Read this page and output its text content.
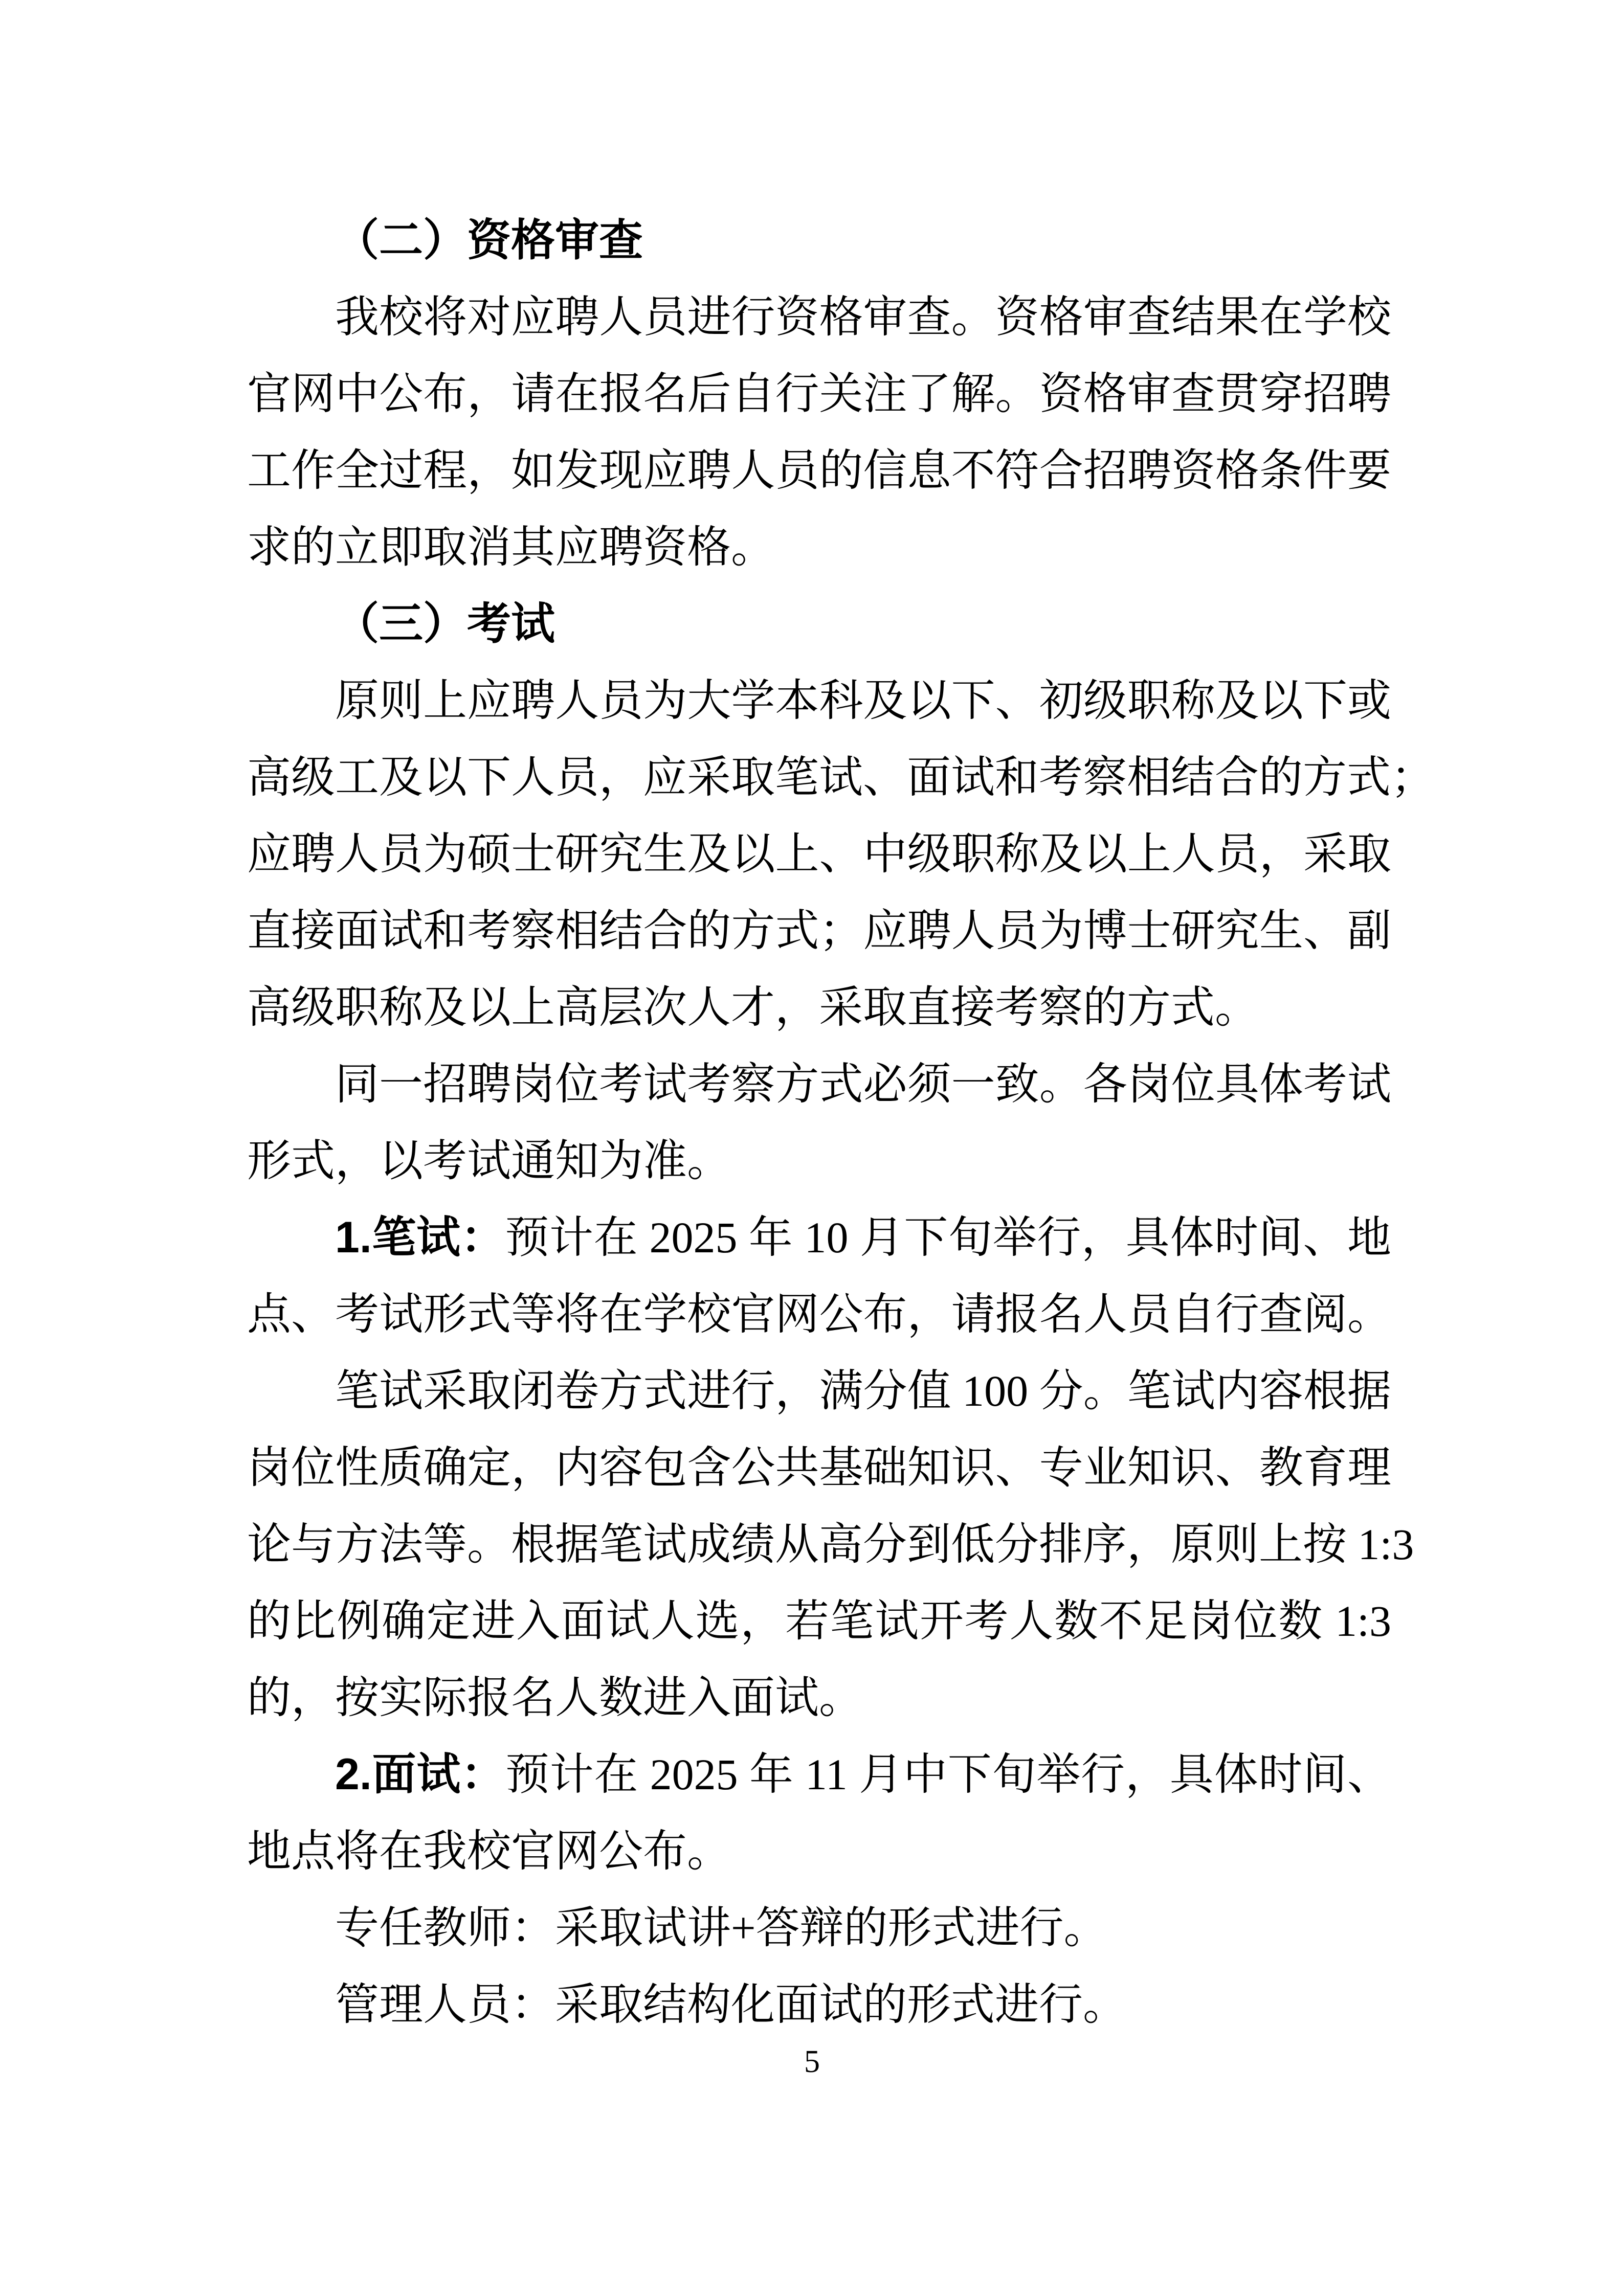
（二）资格审查
我校将对应聘人员进行资格审查。资格审查结果在学校
官网中公布，请在报名后自行关注了解。资格审查贯穿招聘
工作全过程，如发现应聘人员的信息不符合招聘资格条件要
求的立即取消其应聘资格。
（三）考试
原则上应聘人员为大学本科及以下、初级职称及以下或
高级工及以下人员，应采取笔试、面试和考察相结合的方式；
应聘人员为硕士研究生及以上、中级职称及以上人员，采取
直接面试和考察相结合的方式；应聘人员为博士研究生、副
高级职称及以上高层次人才，采取直接考察的方式。
同一招聘岗位考试考察方式必须一致。各岗位具体考试
形式，以考试通知为准。
1.笔试：预计在 2025 年 10 月下旬举行，具体时间、地
点、考试形式等将在学校官网公布，请报名人员自行查阅。
笔试采取闭卷方式进行，满分值 100 分。笔试内容根据
岗位性质确定，内容包含公共基础知识、专业知识、教育理
论与方法等。根据笔试成绩从高分到低分排序，原则上按 1:3
的比例确定进入面试人选，若笔试开考人数不足岗位数 1:3
的，按实际报名人数进入面试。
2.面试：预计在 2025 年 11 月中下旬举行，具体时间、
地点将在我校官网公布。
专任教师：采取试讲+答辩的形式进行。
管理人员：采取结构化面试的形式进行。
5
